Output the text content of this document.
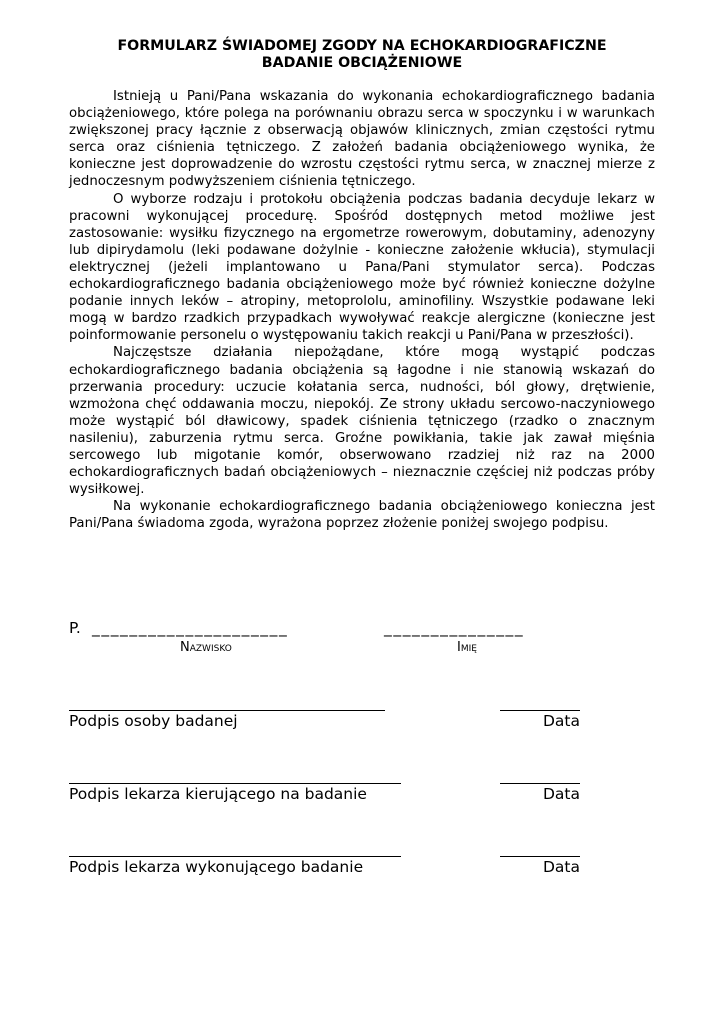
FORMULARZ ŚWIADOMEJ ZGODY NA ECHOKARDIOGRAFICZNE
BADANIE OBCIĄŻENIOWE

Istnieją u Pani/Pana wskazania do wykonania echokardiograficznego badania obciążeniowego, które polega na porównaniu obrazu serca w spoczynku i w warunkach zwiększonej pracy łącznie z obserwacją objawów klinicznych, zmian częstości rytmu serca oraz ciśnienia tętniczego. Z założeń badania obciążeniowego wynika, że konieczne jest doprowadzenie do wzrostu częstości rytmu serca, w znacznej mierze z jednoczesnym podwyższeniem ciśnienia tętniczego.

O wyborze rodzaju i protokołu obciążenia podczas badania decyduje lekarz w pracowni wykonującej procedurę. Spośród dostępnych metod możliwe jest zastosowanie: wysiłku fizycznego na ergometrze rowerowym, dobutaminy, adenozyny lub dipirydamolu (leki podawane dożylnie - konieczne założenie wkłucia), stymulacji elektrycznej (jeżeli implantowano u Pana/Pani stymulator serca). Podczas echokardiograficznego badania obciążeniowego może być również konieczne dożylne podanie innych leków – atropiny, metoprololu, aminofiliny. Wszystkie podawane leki mogą w bardzo rzadkich przypadkach wywoływać reakcje alergiczne (konieczne jest poinformowanie personelu o występowaniu takich reakcji u Pani/Pana w przeszłości).

Najczęstsze działania niepożądane, które mogą wystąpić podczas echokardiograficznego badania obciążenia są łagodne i nie stanowią wskazań do przerwania procedury: uczucie kołatania serca, nudności, ból głowy, drętwienie, wzmożona chęć oddawania moczu, niepokój. Ze strony układu sercowo-naczyniowego może wystąpić ból dławicowy, spadek ciśnienia tętniczego (rzadko o znacznym nasileniu), zaburzenia rytmu serca. Groźne powikłania, takie jak zawał mięśnia sercowego lub migotanie komór, obserwowano rzadziej niż raz na 2000 echokardiograficznych badań obciążeniowych – nieznacznie częściej niż podczas próby wysiłkowej.

Na wykonanie echokardiograficznego badania obciążeniowego konieczna jest Pani/Pana świadoma zgoda, wyrażona poprzez złożenie poniżej swojego podpisu.

P. _____________________	_______________
Nazwisko	Imię
Podpis osoby badanej	Data
Podpis lekarza kierującego na badanie	Data
Podpis lekarza wykonującego badanie	Data
